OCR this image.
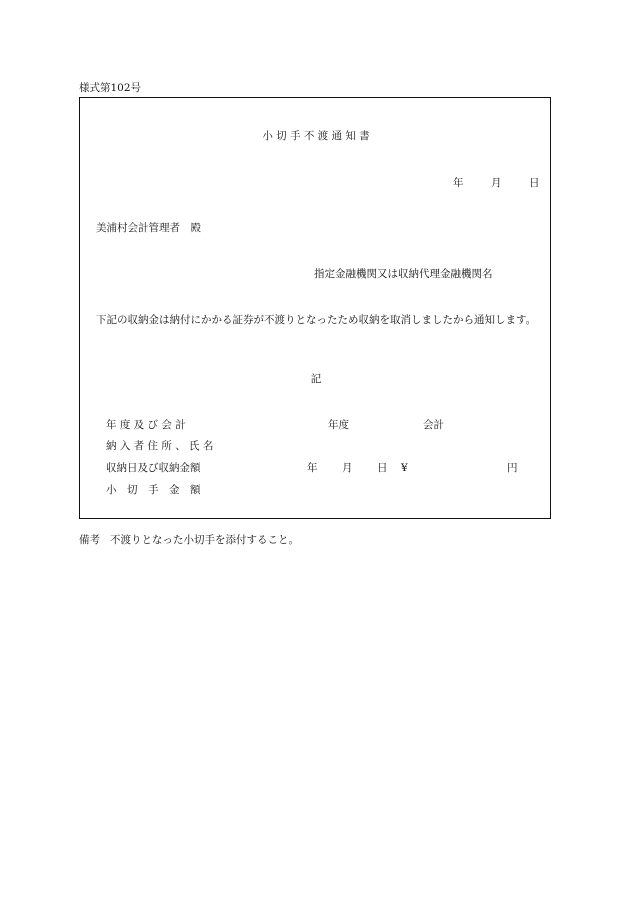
様式第102号
小 切 手 不 渡 通 知 書
年	月	日
美浦村会計管理者　殿
指定金融機関又は収納代理金融機関名
下記の収納金は納付にかかる証券が不渡りとなったため収納を取消しましたから通知します。
記
年 度 及 び 会 計	年度	会計
納 入 者 住 所 、 氏 名
収納日及び収納金額	年 月 日 ¥	円
小　切　手　金　額
備考 不渡りとなった小切手を添付すること。
